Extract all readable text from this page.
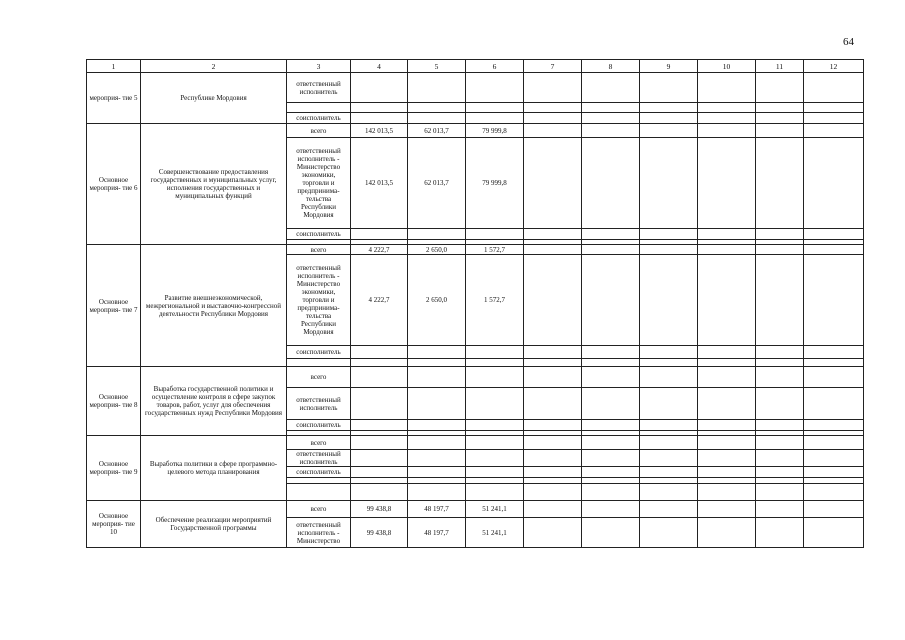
64
1	2	3	4	5	6	7	8	9	10	11	12
мероприя- тие 5	Республике Мордовия	ответственный исполнитель									

		соисполнитель									
Основное мероприя- тие 6	Совершенствование предоставления государственных и муниципальных услуг, исполнения государственных и муниципальных функций	всего	142 013,5	62 013,7	79 999,8						
		ответственный исполнитель - Министерство экономики, торговли и предпринима-тельства Республики Мордовия	142 013,5	62 013,7	79 999,8						
		соисполнитель									

Основное мероприя- тие 7	Развитие внешнеэкономической, межрегиональной и выставочно-конгрессной деятельности Республики Мордовия	всего	4 222,7	2 650,0	1 572,7						
		ответственный исполнитель - Министерство экономики, торговли и предпринима-тельства Республики Мордовия	4 222,7	2 650,0	1 572,7						
		соисполнитель									

Основное мероприя- тие 8	Выработка государственной политики и осуществление контроля в сфере закупок товаров, работ, услуг для обеспечения государственных нужд Республики Мордовия	всего									
		ответственный исполнитель									
		соисполнитель									

Основное мероприя- тие 9	Выработка политики в сфере программно-целевого метода планирования	всего									
		ответственный исполнитель									
		соисполнитель									

Основное мероприя- тие 10	Обеспечение реализации мероприятий Государственной программы	всего	99 438,8	48 197,7	51 241,1						
		ответственный исполнитель - Министерство	99 438,8	48 197,7	51 241,1						
